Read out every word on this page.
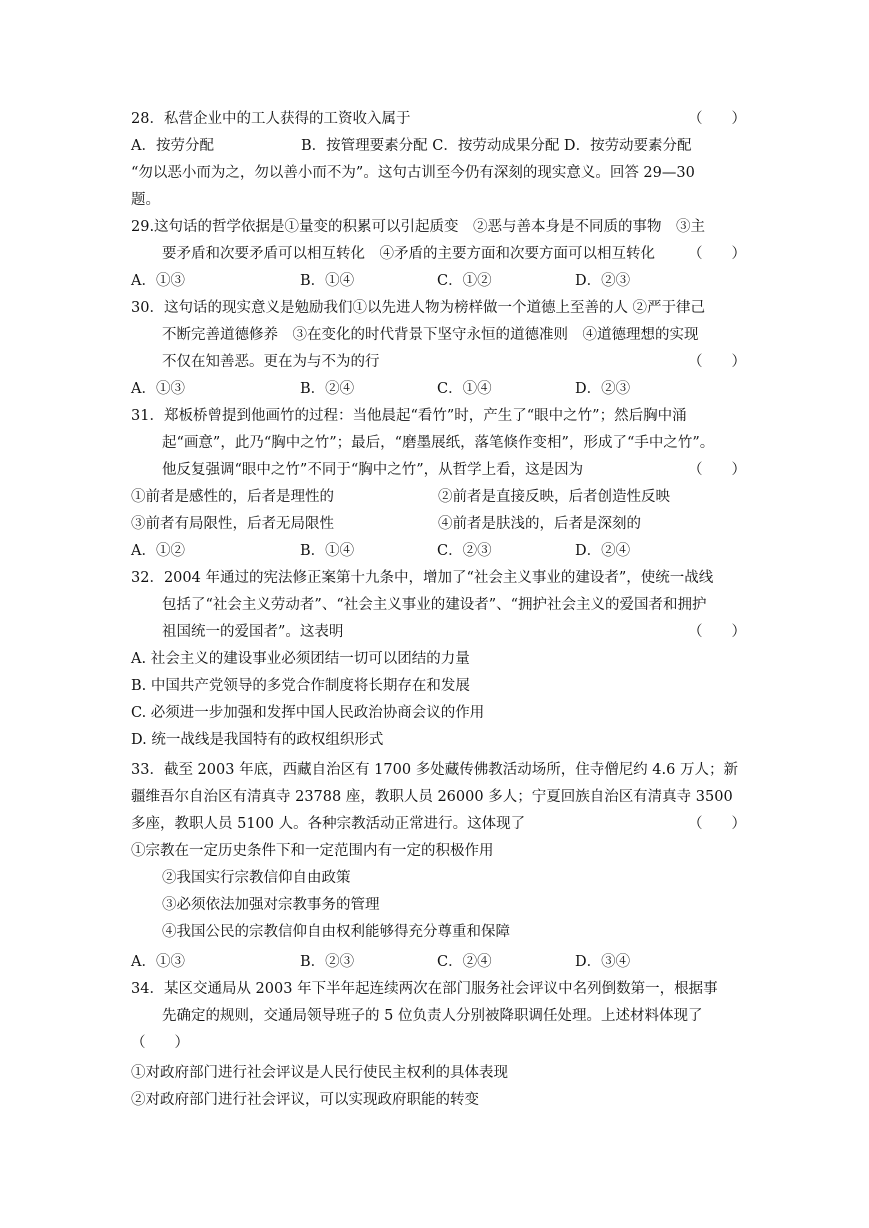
28．私营企业中的工人获得的工资收入属于	（　　）
A．按劳分配　　　　　　B．按管理要素分配 C．按劳动成果分配 D．按劳动要素分配
“勿以恶小而为之，勿以善小而不为”。这句古训至今仍有深刻的现实意义。回答 29—30
题。
29.这句话的哲学依据是①量变的积累可以引起质变　②恶与善本身是不同质的事物　③主
要矛盾和次要矛盾可以相互转化　④矛盾的主要方面和次要方面可以相互转化 （　　）
A．①③	B．①④	C．①②	D．②③
30．这句话的现实意义是勉励我们①以先进人物为榜样做一个道德上至善的人 ②严于律己
不断完善道德修养　③在变化的时代背景下坚守永恒的道德准则　④道德理想的实现
不仅在知善恶。更在为与不为的行	（　　）
A．①③	B．②④	C．①④	D．②③
31．郑板桥曾提到他画竹的过程：当他晨起“看竹”时，产生了“眼中之竹”；然后胸中涌
起“画意”，此乃“胸中之竹”；最后，“磨墨展纸，落笔倏作变相”，形成了“手中之竹”。
他反复强调“眼中之竹”不同于“胸中之竹”，从哲学上看，这是因为	（　　）
①前者是感性的，后者是理性的	②前者是直接反映，后者创造性反映
③前者有局限性，后者无局限性	④前者是肤浅的，后者是深刻的
A．①②	B．①④	C．②③	D．②④
32．2004 年通过的宪法修正案第十九条中，增加了“社会主义事业的建设者”，使统一战线
包括了“社会主义劳动者”、“社会主义事业的建设者”、“拥护社会主义的爱国者和拥护
祖国统一的爱国者”。这表明	（　　）
A. 社会主义的建设事业必须团结一切可以团结的力量
B. 中国共产党领导的多党合作制度将长期存在和发展
C. 必须进一步加强和发挥中国人民政治协商会议的作用
D. 统一战线是我国特有的政权组织形式
33．截至 2003 年底，西藏自治区有 1700 多处藏传佛教活动场所，住寺僧尼约 4.6 万人；新
疆维吾尔自治区有清真寺 23788 座，教职人员 26000 多人；宁夏回族自治区有清真寺 3500
多座，教职人员 5100 人。各种宗教活动正常进行。这体现了	（　　）
①宗教在一定历史条件下和一定范围内有一定的积极作用
②我国实行宗教信仰自由政策
③必须依法加强对宗教事务的管理
④我国公民的宗教信仰自由权利能够得充分尊重和保障
A．①③	B．②③	C．②④	D．③④
34．某区交通局从 2003 年下半年起连续两次在部门服务社会评议中名列倒数第一，根据事
先确定的规则，交通局领导班子的 5 位负责人分别被降职调任处理。上述材料体现了
（　　）
①对政府部门进行社会评议是人民行使民主权利的具体表现
②对政府部门进行社会评议，可以实现政府职能的转变
